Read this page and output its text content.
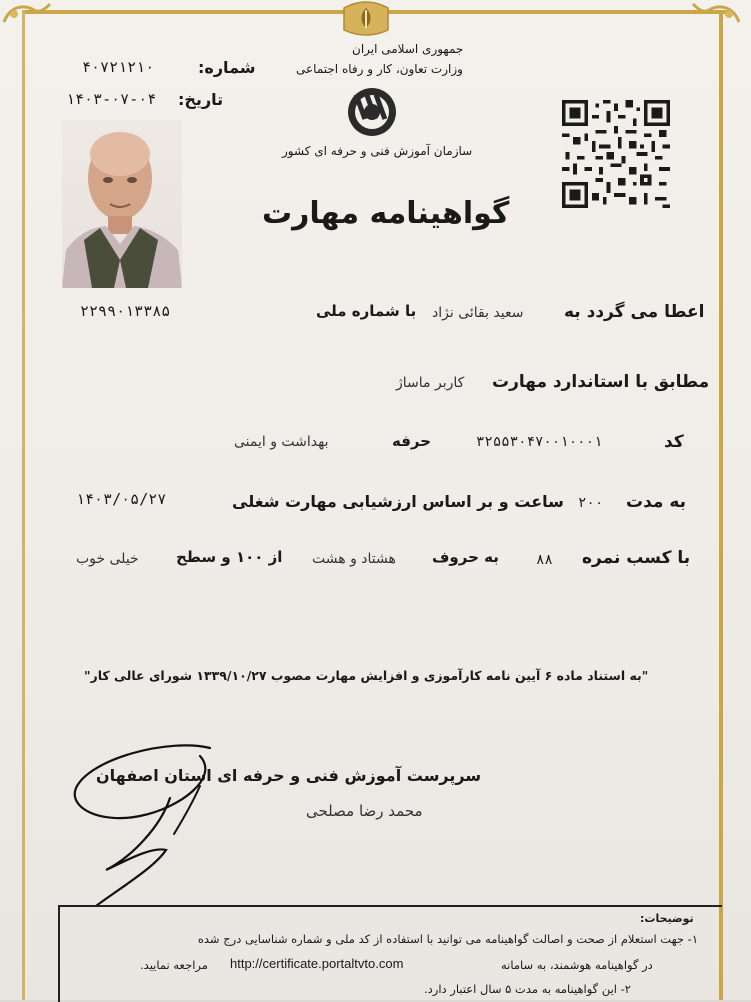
شماره:
۴۰۷۲۱۲۱۰
تاریخ:
۱۴۰۳-۰۷-۰۴
جمهوری اسلامی ایران
وزارت تعاون، کار و رفاه اجتماعی
سازمان آموزش فنی و حرفه ای کشور
گواهینامه مهارت
اعطا می گردد به
سعید بقائی نژاد
با شماره ملی
۲۲۹۹۰۱۳۳۸۵
مطابق با استاندارد مهارت
کاربر ماساژ
کد
۳۲۵۵۳۰۴۷۰۰۱۰۰۰۱
حرفه
بهداشت و ایمنی
به مدت
۲۰۰
ساعت و بر اساس ارزشیابی مهارت شغلی
۱۴۰۳/۰۵/۲۷
با کسب نمره
۸۸
به حروف
هشتاد و هشت
از ۱۰۰ و سطح
خیلی خوب
"به استناد ماده ۶ آیین نامه کارآموزی و افزایش مهارت مصوب ۱۳۳۹/۱۰/۲۷ شورای عالی کار"
سرپرست آموزش فنی و حرفه ای استان اصفهان
محمد رضا مصلحی
توضیحات:
۱- جهت استعلام از صحت و اصالت گواهینامه می توانید با استفاده از کد ملی و شماره شناسایی درج شده
در گواهینامه هوشمند، به سامانه
http://certificate.portaltvto.com
مراجعه نمایید.
۲- این گواهینامه به مدت ۵ سال اعتبار دارد.
